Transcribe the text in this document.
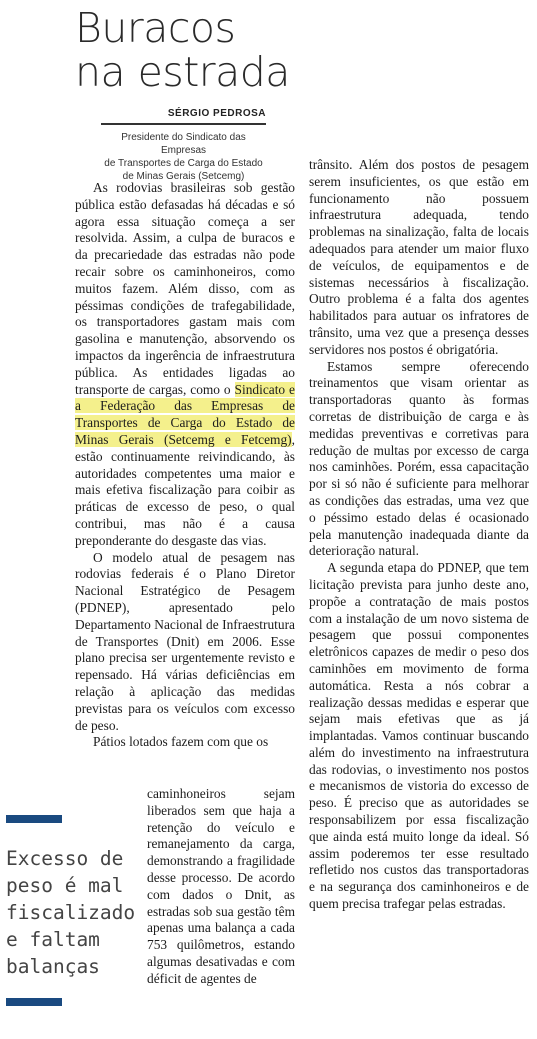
Buracos
na estrada
SÉRGIO PEDROSA
Presidente do Sindicato das Empresas
de Transportes de Carga do Estado
de Minas Gerais (Setcemg)

As rodovias brasileiras sob gestão pública estão defasadas há décadas e só agora essa situação começa a ser resolvida. Assim, a culpa de buracos e da precariedade das estradas não pode recair sobre os caminhoneiros, como muitos fazem. Além disso, com as péssimas condições de trafegabilidade, os transportadores gastam mais com gasolina e manutenção, absorvendo os impactos da ingerência de infraestrutura pública. As entidades ligadas ao transporte de cargas, como o Sindicato e a Federação das Empresas de Transportes de Carga do Estado de Minas Gerais (Setcemg e Fetcemg), estão continuamente reivindicando, às autoridades competentes uma maior e mais efetiva fiscalização para coibir as práticas de excesso de peso, o qual contribui, mas não é a causa preponderante do desgaste das vias.

O modelo atual de pesagem nas rodovias federais é o Plano Diretor Nacional Estratégico de Pesagem (PDNEP), apresentado pelo Departamento Nacional de Infraestrutura de Transportes (Dnit) em 2006. Esse plano precisa ser urgentemente revisto e repensado. Há várias deficiências em relação à aplicação das medidas previstas para os veículos com excesso de peso.

Pátios lotados fazem com que os

caminhoneiros sejam liberados sem que haja a retenção do veículo e remanejamento da carga, demonstrando a fragilidade desse processo. De acordo com dados o Dnit, as estradas sob sua gestão têm apenas uma balança a cada 753 quilômetros, estando algumas desativadas e com déficit de agentes de

trânsito. Além dos postos de pesagem serem insuficientes, os que estão em funcionamento não possuem infraestrutura adequada, tendo problemas na sinalização, falta de locais adequados para atender um maior fluxo de veículos, de equipamentos e de sistemas necessários à fiscalização. Outro problema é a falta dos agentes habilitados para autuar os infratores de trânsito, uma vez que a presença desses servidores nos postos é obrigatória.

Estamos sempre oferecendo treinamentos que visam orientar as transportadoras quanto às formas corretas de distribuição de carga e às medidas preventivas e corretivas para redução de multas por excesso de carga nos caminhões. Porém, essa capacitação por si só não é suficiente para melhorar as condições das estradas, uma vez que o péssimo estado delas é ocasionado pela manutenção inadequada diante da deterioração natural.

A segunda etapa do PDNEP, que tem licitação prevista para junho deste ano, propõe a contratação de mais postos com a instalação de um novo sistema de pesagem que possui componentes eletrônicos capazes de medir o peso dos caminhões em movimento de forma automática. Resta a nós cobrar a realização dessas medidas e esperar que sejam mais efetivas que as já implantadas. Vamos continuar buscando além do investimento na infraestrutura das rodovias, o investimento nos postos e mecanismos de vistoria do excesso de peso. É preciso que as autoridades se responsabilizem por essa fiscalização que ainda está muito longe da ideal. Só assim poderemos ter esse resultado refletido nos custos das transportadoras e na segurança dos caminhoneiros e de quem precisa trafegar pelas estradas.

Excesso de
peso é mal
fiscalizado
e faltam
balanças
